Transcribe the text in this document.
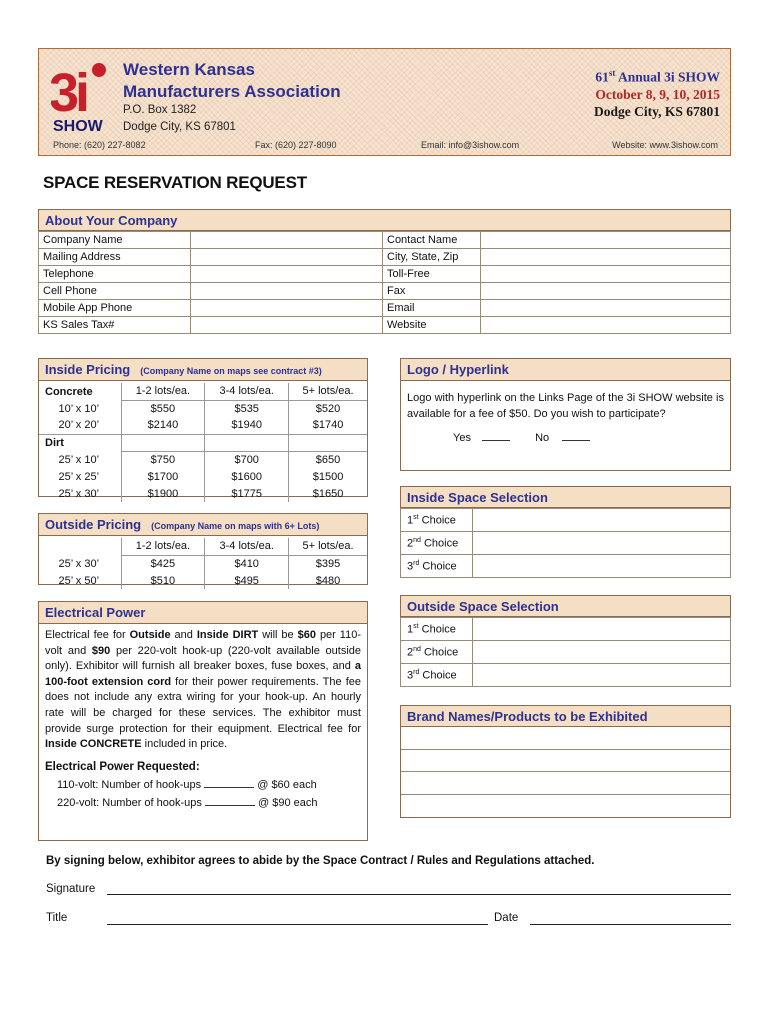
3i
SHOW
Western Kansas
Manufacturers Association
P.O. Box 1382
Dodge City, KS 67801
61st Annual 3i SHOW
October 8, 9, 10, 2015
Dodge City, KS 67801
Phone: (620) 227-8082	Fax: (620) 227-8090	Email: info@3ishow.com	Website: www.3ishow.com
SPACE RESERVATION REQUEST
About Your Company
Company Name		Contact Name	
Mailing Address		City, State, Zip	
Telephone		Toll-Free	
Cell Phone		Fax	
Mobile App Phone		Email	
KS Sales Tax#		Website	
Inside Pricing (Company Name on maps see contract #3)
Concrete	1-2 lots/ea.	3-4 lots/ea.	5+ lots/ea.
10’ x 10’	$550	$535	$520
20’ x 20’	$2140	$1940	$1740
Dirt			
25’ x 10’	$750	$700	$650
25’ x 25’	$1700	$1600	$1500
25’ x 30’	$1900	$1775	$1650
Outside Pricing (Company Name on maps with 6+ Lots)
	1-2 lots/ea.	3-4 lots/ea.	5+ lots/ea.
25’ x 30’	$425	$410	$395
25’ x 50’	$510	$495	$480
Electrical Power
Electrical fee for Outside and Inside DIRT will be $60 per 110-volt and $90 per 220-volt hook-up (220-volt available outside only). Exhibitor will furnish all breaker boxes, fuse boxes, and a 100-foot extension cord for their power requirements. The fee does not include any extra wiring for your hook-up. An hourly rate will be charged for these services. The exhibitor must provide surge protection for their equipment. Electrical fee for Inside CONCRETE included in price.
Electrical Power Requested:
110-volt: Number of hook-ups	@ $60 each
220-volt: Number of hook-ups	@ $90 each
Logo / Hyperlink
Logo with hyperlink on the Links Page of the 3i SHOW website is available for a fee of $50. Do you wish to participate?
Yes	No
Inside Space Selection
1st Choice	
2nd Choice	
3rd Choice	
Outside Space Selection
1st Choice	
2nd Choice	
3rd Choice	
Brand Names/Products to be Exhibited
By signing below, exhibitor agrees to abide by the Space Contract / Rules and Regulations attached.
Signature
Title	Date
